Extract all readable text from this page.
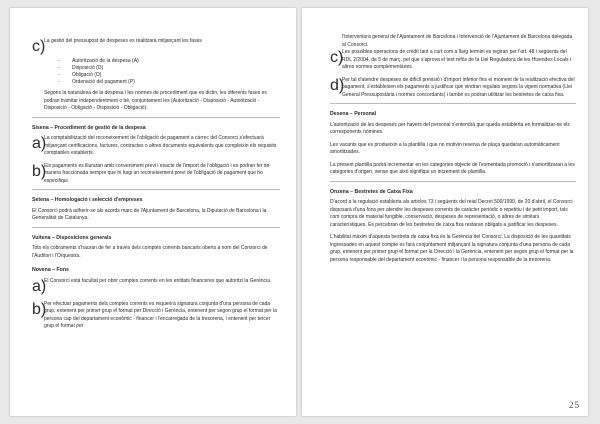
c)

La gestió del pressupost de despeses es realitzarà mitjançant les fases

-	Autorització de la despesa (A)
-	Disposició (D)
-	Obligació (O)
-	Ordenació del pagament (P)

Segons la naturalesa de la despesa i les normes de procediment que es dictin, les diferents fases es podran tramitar independentment o bé, conjuntament les (Autorització - Disposició - Autorització - Disposició - Obligació - Disposició - Obligació).

Sisena – Procediment de gestió de la despesa

a)

La comptabilització del reconeixement de l'obligació de pagament a càrrec del Consorci s'efectuarà mitjançant certificacions, factures, contractes o altres documents equivalents que compleixin els requisits comptables establerts.

b)

Els pagaments es lliuraran amb conveniment previ i exacte de l'import de l'obligació i es podran fer de manera fraccionada sempre que hi hagi un reconeixement previ de l'obligació de pagament que ho especifiqui.

Setena – Homologació i selecció d'empreses

El Consorci podrà adherir-se als acords marc de l'Ajuntament de Barcelona, la Diputació de Barcelona i la Generalitat de Catalunya.

Vuitena – Disposicions generals

Tots els cobraments s'hauran de fer a través dels comptes corrents bancaris oberts a nom del Consorci de l'Auditori i l'Orquestra.

Novena – Fons

a)

El Consorci està facultat per obrir comptes corrents en les entitats financeres que autoritzi la Gerència.

b)

Per efectuar pagaments dels comptes corrents es requerirà signatura conjunta d'una persona de cada grup, entenent per primer grup el format per Direcció i Gerència, entenent per segon grup el format per la persona cap del departament econòmic - financer i l'encarregada de la tresoreria, i entenent per tercer grup el format per

l'Interventora general de l'Ajuntament de Barcelona i Intervenció de l'Ajuntament de Barcelona delegada al Consorci.

c)

Les possibles operacions de crèdit tant a curt com a llarg termini es regiran per l'art. 48 i següents del RDL 2/2004, de 5 de març, pel que s'aprova el text refós de la Llei Reguladora de les Hisendes Locals i altres normes complementàries.

d)

Per tal d'atendre despeses de difícil previsió i d'import inferior fins el moment de la realització efectiva del pagament, s'estableixen els pagaments a justificar que vindran regulats segons la vigent normativa (Llei General Pressupostària i normes concordants) i també es podran utilitzar les bestretes de caixa fixa.

Desena – Personal

L'autorització de les despeses per havers del personal s'entendrà que queda establerta en formalitzar-se els corresponents nòmines.

Les vacants que es produeixin a la plantilla i que no motivin reserva de plaça quedaran automàticament amortitzades.

La present plantilla podrà incrementar en les categories objecte de l'esmentada promoció i s'amortitzaran a les categories d'origen, sense que això signifiqui un increment de plantilla.

Onzena – Bestretes de Caixa Fixa

D'acord a la regulació establerta als articles 73 i següents del reial Decret 500/1990, de 20 d'abril, el Consorci disposarà d'una fons per atendre les despeses corrents de caràcter periòdic o repetitiu i de petit import, tals com compra de material fungible, conservació, despeses de representació, o altres de similars característiques. Es percebran de les bestretes de caixa fixa restaran obligats a justificar les despeses.

L'habilitat màxim d'aquesta bestreta de caixa fixa és la Gerència del Consorci. La disposició de les quantitats ingressades en aquest compte es farà conjuntament mitjançant la signatura conjunta d'una persona de cada grup, entenent per primer grup el format per la Direcció i la Gerència, entenent per segon grup el format per la persona responsable del departament econòmic - financer i la persona responsable de la tresoreria.

25
